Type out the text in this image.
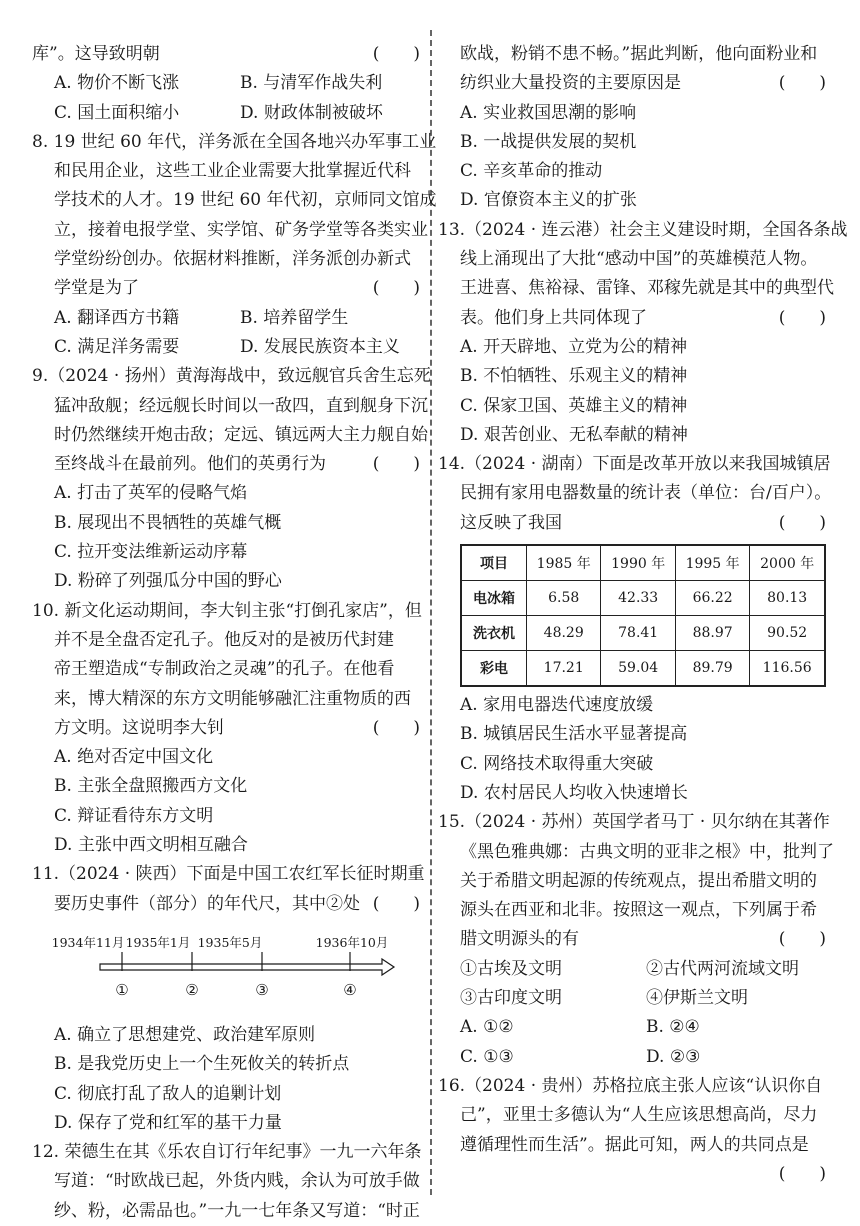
库”。这导致明朝	(　　)
A. 物价不断飞涨	B. 与清军作战失利
C. 国土面积缩小	D. 财政体制被破坏
8. 19 世纪 60 年代，洋务派在全国各地兴办军事工业
和民用企业，这些工业企业需要大批掌握近代科
学技术的人才。19 世纪 60 年代初，京师同文馆成
立，接着电报学堂、实学馆、矿务学堂等各类实业
学堂纷纷创办。依据材料推断，洋务派创办新式
学堂是为了	(　　)
A. 翻译西方书籍	B. 培养留学生
C. 满足洋务需要	D. 发展民族资本主义
9.（2024 · 扬州）黄海海战中，致远舰官兵舍生忘死
猛冲敌舰；经远舰长时间以一敌四，直到舰身下沉
时仍然继续开炮击敌；定远、镇远两大主力舰自始
至终战斗在最前列。他们的英勇行为	(　　)
A. 打击了英军的侵略气焰
B. 展现出不畏牺牲的英雄气概
C. 拉开变法维新运动序幕
D. 粉碎了列强瓜分中国的野心
10. 新文化运动期间，李大钊主张“打倒孔家店”，但
并不是全盘否定孔子。他反对的是被历代封建
帝王塑造成“专制政治之灵魂”的孔子。在他看
来，博大精深的东方文明能够融汇注重物质的西
方文明。这说明李大钊	(　　)
A. 绝对否定中国文化
B. 主张全盘照搬西方文化
C. 辩证看待东方文明
D. 主张中西文明相互融合
11.（2024 · 陕西）下面是中国工农红军长征时期重
要历史事件（部分）的年代尺，其中②处 (　　)
1934年11月 1935年1月 1935年5月	1936年10月
①	②	③	④
A. 确立了思想建党、政治建军原则
B. 是我党历史上一个生死攸关的转折点
C. 彻底打乱了敌人的追剿计划
D. 保存了党和红军的基干力量
12. 荣德生在其《乐农自订行年纪事》一九一六年条
写道：“时欧战已起，外货内贱，余认为可放手做
纱、粉，必需品也。”一九一七年条又写道：“时正
欧战，粉销不患不畅。”据此判断，他向面粉业和
纺织业大量投资的主要原因是	(　　)
A. 实业救国思潮的影响
B. 一战提供发展的契机
C. 辛亥革命的推动
D. 官僚资本主义的扩张
13.（2024 · 连云港）社会主义建设时期，全国各条战
线上涌现出了大批“感动中国”的英雄模范人物。
王进喜、焦裕禄、雷锋、邓稼先就是其中的典型代
表。他们身上共同体现了	(　　)
A. 开天辟地、立党为公的精神
B. 不怕牺牲、乐观主义的精神
C. 保家卫国、英雄主义的精神
D. 艰苦创业、无私奉献的精神
14.（2024 · 湖南）下面是改革开放以来我国城镇居
民拥有家用电器数量的统计表（单位：台/百户）。
这反映了我国	(　　)
项目	1985 年	1990 年	1995 年	2000 年
电冰箱	6.58	42.33	66.22	80.13
洗衣机	48.29	78.41	88.97	90.52
彩电	17.21	59.04	89.79	116.56
A. 家用电器迭代速度放缓
B. 城镇居民生活水平显著提高
C. 网络技术取得重大突破
D. 农村居民人均收入快速增长
15.（2024 · 苏州）英国学者马丁 · 贝尔纳在其著作
《黑色雅典娜：古典文明的亚非之根》中，批判了
关于希腊文明起源的传统观点，提出希腊文明的
源头在西亚和北非。按照这一观点，下列属于希
腊文明源头的有	(　　)
①古埃及文明	②古代两河流域文明
③古印度文明	④伊斯兰文明
A. ①②	B. ②④
C. ①③	D. ②③
16.（2024 · 贵州）苏格拉底主张人应该“认识你自
己”，亚里士多德认为“人生应该思想高尚，尽力
遵循理性而生活”。据此可知，两人的共同点是
(　　)
